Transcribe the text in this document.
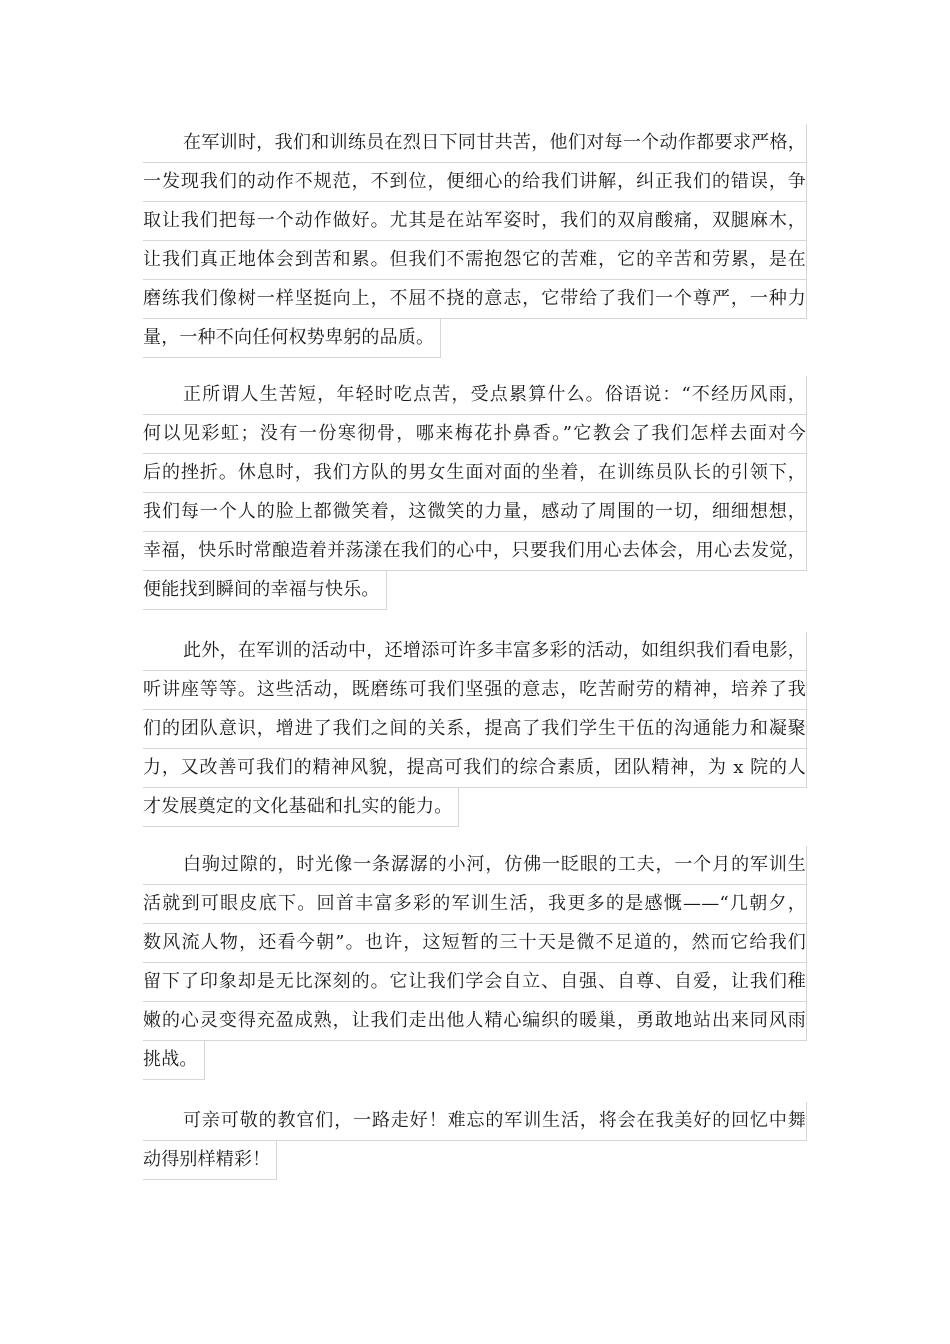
在军训时，我们和训练员在烈日下同甘共苦，他们对每一个动作都要求严格，
一发现我们的动作不规范，不到位，便细心的给我们讲解，纠正我们的错误，争
取让我们把每一个动作做好。尤其是在站军姿时，我们的双肩酸痛，双腿麻木，
让我们真正地体会到苦和累。但我们不需抱怨它的苦难，它的辛苦和劳累，是在
磨练我们像树一样坚挺向上，不屈不挠的意志，它带给了我们一个尊严，一种力
量，一种不向任何权势卑躬的品质。
正所谓人生苦短，年轻时吃点苦，受点累算什么。俗语说：“不经历风雨，
何以见彩虹；没有一份寒彻骨，哪来梅花扑鼻香。”它教会了我们怎样去面对今
后的挫折。休息时，我们方队的男女生面对面的坐着，在训练员队长的引领下，
我们每一个人的脸上都微笑着，这微笑的力量，感动了周围的一切，细细想想，
幸福，快乐时常酿造着并荡漾在我们的心中，只要我们用心去体会，用心去发觉，
便能找到瞬间的幸福与快乐。
此外，在军训的活动中，还增添可许多丰富多彩的活动，如组织我们看电影，
听讲座等等。这些活动，既磨练可我们坚强的意志，吃苦耐劳的精神，培养了我
们的团队意识，增进了我们之间的关系，提高了我们学生干伍的沟通能力和凝聚
力，又改善可我们的精神风貌，提高可我们的综合素质，团队精神，为 x 院的人
才发展奠定的文化基础和扎实的能力。
白驹过隙的，时光像一条潺潺的小河，仿佛一眨眼的工夫，一个月的军训生
活就到可眼皮底下。回首丰富多彩的军训生活，我更多的是感慨——“几朝夕，
数风流人物，还看今朝”。也许，这短暂的三十天是微不足道的，然而它给我们
留下了印象却是无比深刻的。它让我们学会自立、自强、自尊、自爱，让我们稚
嫩的心灵变得充盈成熟，让我们走出他人精心编织的暖巢，勇敢地站出来同风雨
挑战。
可亲可敬的教官们，一路走好！难忘的军训生活，将会在我美好的回忆中舞
动得别样精彩！
